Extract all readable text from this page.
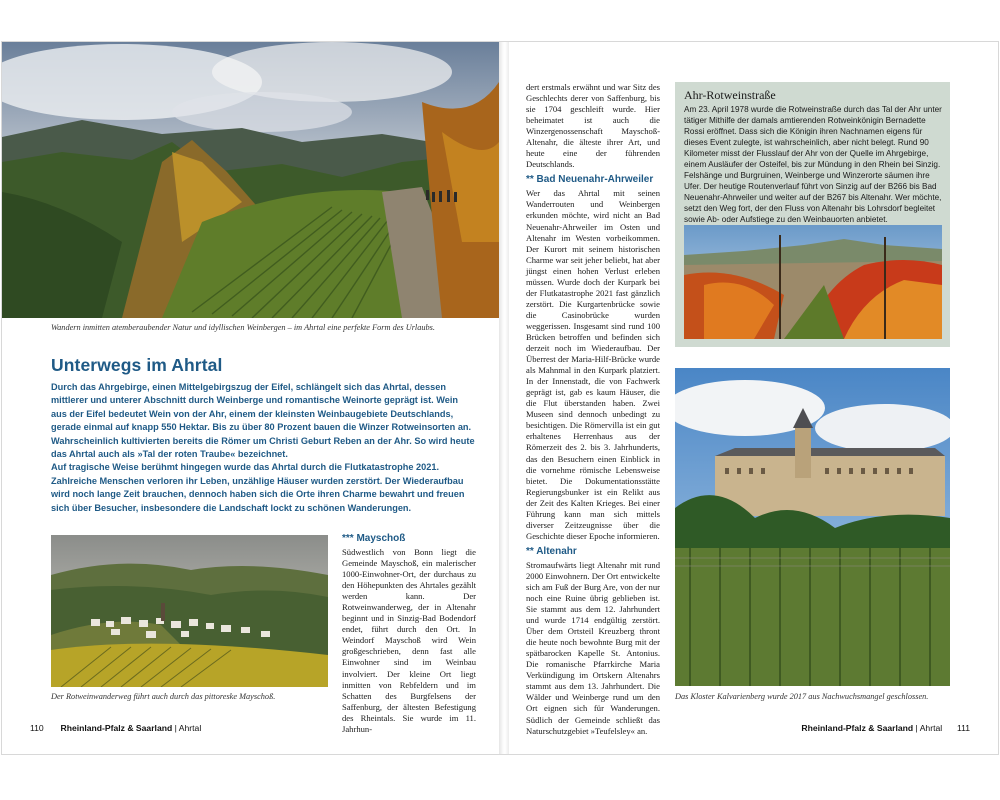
Wandern inmitten atemberaubender Natur und idyllischen Weinbergen – im Ahrtal eine perfekte Form des Urlaubs.
Unterwegs im Ahrtal

Durch das Ahrgebirge, einen Mittelgebirgszug der Eifel, schlängelt sich das Ahrtal, dessen mittlerer und unterer Abschnitt durch Weinberge und romantische Weinorte geprägt ist. Wein aus der Eifel bedeutet Wein von der Ahr, einem der kleinsten Weinbaugebiete Deutschlands, gerade einmal auf knapp 550 Hektar. Bis zu über 80 Prozent bauen die Winzer Rotweinsorten an. Wahrscheinlich kultivierten bereits die Römer um Christi Geburt Reben an der Ahr. So wird heute das Ahrtal auch als »Tal der roten Traube« bezeichnet.

Auf tragische Weise berühmt hingegen wurde das Ahrtal durch die Flutkatastrophe 2021. Zahlreiche Menschen verloren ihr Leben, unzählige Häuser wurden zerstört. Der Wiederaufbau wird noch lange Zeit brauchen, dennoch haben sich die Orte ihren Charme bewahrt und freuen sich über Besucher, insbesondere die Landschaft lockt zu schönen Wanderungen.

Der Rotweinwanderweg führt auch durch das pittoreske Mayschoß.
*** Mayschoß

Südwestlich von Bonn liegt die Gemeinde Mayschoß, ein malerischer 1000-Einwohner-Ort, der durchaus zu den Höhepunkten des Ahrtales gezählt werden kann. Der Rotweinwanderweg, der in Altenahr beginnt und in Sinzig-Bad Bodendorf endet, führt durch den Ort. In Weindorf Mayschoß wird Wein großgeschrieben, denn fast alle Einwohner sind im Weinbau involviert. Der kleine Ort liegt inmitten von Rebfeldern und im Schatten des Burgfelsens der Saffenburg, der ältesten Befestigung des Rheintals. Sie wurde im 11. Jahrhun-

110 Rheinland-Pfalz & Saarland | Ahrtal

dert erstmals erwähnt und war Sitz des Geschlechts derer von Saffenburg, bis sie 1704 geschleift wurde. Hier beheimatet ist auch die Winzergenossenschaft Mayschoß-Altenahr, die älteste ihrer Art, und heute eine der führenden Deutschlands.

** Bad Neuenahr-Ahrweiler

Wer das Ahrtal mit seinen Wanderrouten und Weinbergen erkunden möchte, wird nicht an Bad Neuenahr-Ahrweiler im Osten und Altenahr im Westen vorbeikommen. Der Kurort mit seinem historischen Charme war seit jeher beliebt, hat aber jüngst einen hohen Verlust erleben müssen. Wurde doch der Kurpark bei der Flutkatastrophe 2021 fast gänzlich zerstört. Die Kurgartenbrücke sowie die Casinobrücke wurden weggerissen. Insgesamt sind rund 100 Brücken betroffen und befinden sich derzeit noch im Wiederaufbau. Der Überrest der Maria-Hilf-Brücke wurde als Mahnmal in den Kurpark platziert. In der Innenstadt, die von Fachwerk geprägt ist, gab es kaum Häuser, die die Flut überstanden haben. Zwei Museen sind dennoch unbedingt zu besichtigen. Die Römervilla ist ein gut erhaltenes Herrenhaus aus der Römerzeit des 2. bis 3. Jahrhunderts, das den Besuchern einen Einblick in die vornehme römische Lebensweise bietet. Die Dokumentationsstätte Regierungsbunker ist ein Relikt aus der Zeit des Kalten Krieges. Bei einer Führung kann man sich mittels diverser Zeitzeugnisse über die Geschichte dieser Epoche informieren.

** Altenahr

Stromaufwärts liegt Altenahr mit rund 2000 Einwohnern. Der Ort entwickelte sich am Fuß der Burg Are, von der nur noch eine Ruine übrig geblieben ist. Sie stammt aus dem 12. Jahrhundert und wurde 1714 endgültig zerstört. Über dem Ortsteil Kreuzberg thront die heute noch bewohnte Burg mit der spätbarocken Kapelle St. Antonius. Die romanische Pfarrkirche Maria Verkündigung im Ortskern Altenahrs stammt aus dem 13. Jahrhundert. Die Wälder und Weinberge rund um den Ort eignen sich für Wanderungen. Südlich der Gemeinde schließt das Naturschutzgebiet »Teufelsley« an.

Ahr-Rotweinstraße
Am 23. April 1978 wurde die Rotweinstraße durch das Tal der Ahr unter tätiger Mithilfe der damals amtierenden Rotweinkönigin Bernadette Rossi eröffnet. Dass sich die Königin ihren Nachnamen eigens für dieses Event zulegte, ist wahrscheinlich, aber nicht belegt. Rund 90 Kilometer misst der Flusslauf der Ahr von der Quelle im Ahrgebirge, einem Ausläufer der Osteifel, bis zur Mündung in den Rhein bei Sinzig. Felshänge und Burgruinen, Weinberge und Winzerorte säumen ihre Ufer. Der heutige Routenverlauf führt von Sinzig auf der B266 bis Bad Neuenahr-Ahrweiler und weiter auf der B267 bis Altenahr. Wer möchte, setzt den Weg fort, der den Fluss von Altenahr bis Lohrsdorf begleitet sowie Ab- oder Aufstiege zu den Weinbauorten anbietet.
Das Kloster Kalvarienberg wurde 2017 aus Nachwuchsmangel geschlossen.
Rheinland-Pfalz & Saarland | Ahrtal 111
